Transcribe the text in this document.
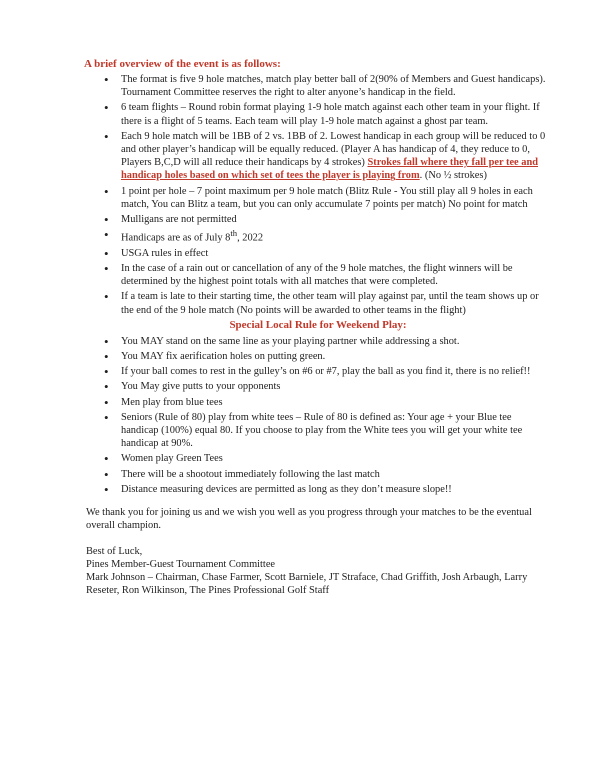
A brief overview of the event is as follows:
• The format is five 9 hole matches, match play better ball of 2(90% of Members and Guest handicaps). Tournament Committee reserves the right to alter anyone’s handicap in the field.
• 6 team flights – Round robin format playing 1-9 hole match against each other team in your flight. If there is a flight of 5 teams. Each team will play 1-9 hole match against a ghost par team.
• Each 9 hole match will be 1BB of 2 vs. 1BB of 2. Lowest handicap in each group will be reduced to 0 and other player’s handicap will be equally reduced. (Player A has handicap of 4, they reduce to 0, Players B,C,D will all reduce their handicaps by 4 strokes) Strokes fall where they fall per tee and handicap holes based on which set of tees the player is playing from. (No ½ strokes)
• 1 point per hole – 7 point maximum per 9 hole match (Blitz Rule - You still play all 9 holes in each match, You can Blitz a team, but you can only accumulate 7 points per match) No point for match
• Mulligans are not permitted
• Handicaps are as of July 8th, 2022
• USGA rules in effect
• In the case of a rain out or cancellation of any of the 9 hole matches, the flight winners will be determined by the highest point totals with all matches that were completed.
• If a team is late to their starting time, the other team will play against par, until the team shows up or the end of the 9 hole match (No points will be awarded to other teams in the flight)
Special Local Rule for Weekend Play:
• You MAY stand on the same line as your playing partner while addressing a shot.
• You MAY fix aerification holes on putting green.
• If your ball comes to rest in the gulley’s on #6 or #7, play the ball as you find it, there is no relief!!
• You May give putts to your opponents
• Men play from blue tees
• Seniors (Rule of 80) play from white tees – Rule of 80 is defined as: Your age + your Blue tee handicap (100%) equal 80. If you choose to play from the White tees you will get your white tee handicap at 90%.
• Women play Green Tees
• There will be a shootout immediately following the last match
• Distance measuring devices are permitted as long as they don’t measure slope!!

We thank you for joining us and we wish you well as you progress through your matches to be the eventual overall champion.

Best of Luck,

Pines Member-Guest Tournament Committee

Mark Johnson – Chairman, Chase Farmer, Scott Barniele, JT Straface, Chad Griffith, Josh Arbaugh, Larry Reseter, Ron Wilkinson, The Pines Professional Golf Staff
